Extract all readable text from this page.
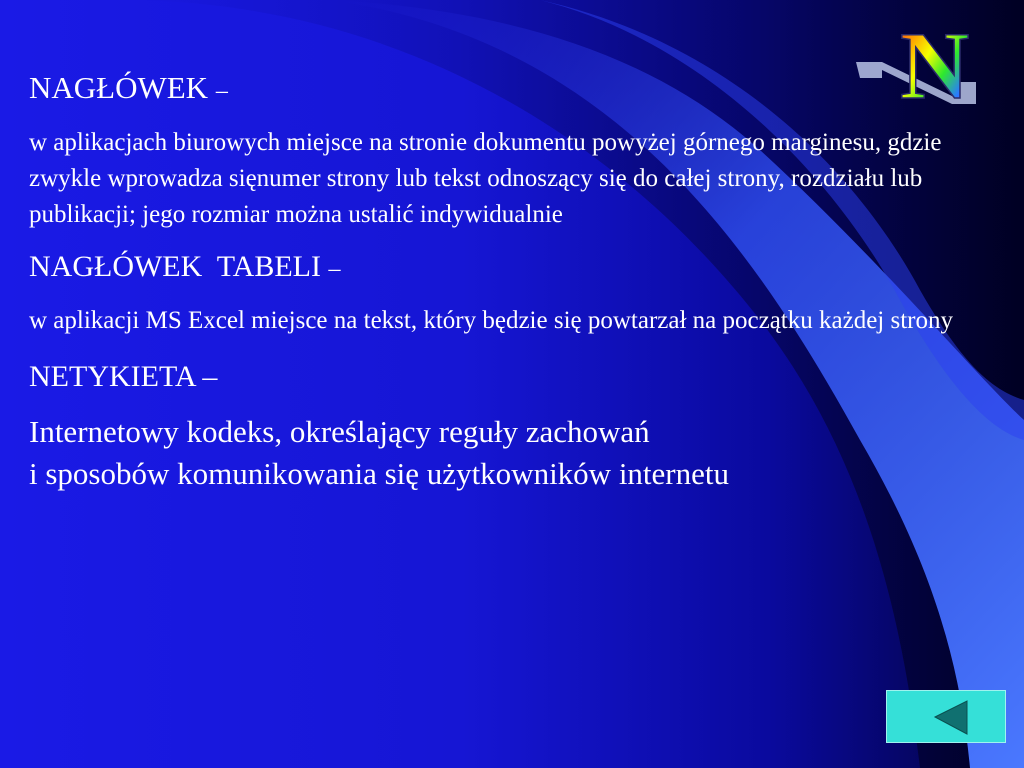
N

NAGŁÓWEK –

w aplikacjach biurowych miejsce na stronie dokumentu powyżej górnego marginesu, gdzie zwykle wprowadza sięnumer strony lub tekst odnoszący się do całej strony, rozdziału lub publikacji; jego rozmiar można ustalić indywidualnie

NAGŁÓWEK  TABELI –

w aplikacji MS Excel miejsce na tekst, który będzie się powtarzał na początku każdej strony

NETYKIETA –

Internetowy kodeks, określający reguły zachowań

i sposobów komunikowania się użytkowników internetu
